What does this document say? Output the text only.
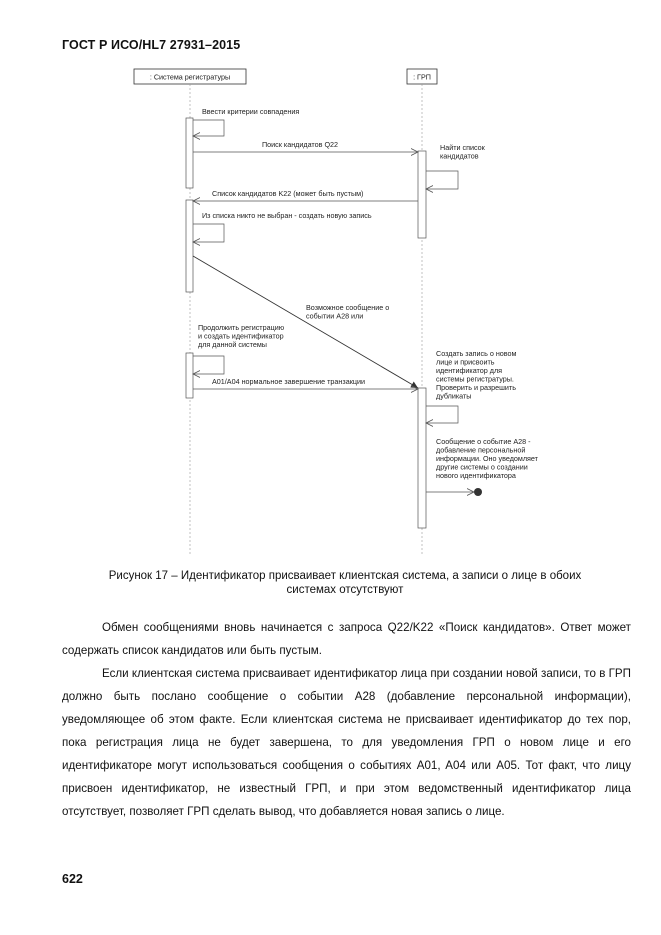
ГОСТ Р ИСО/HL7 27931–2015
: Система регистратуры	: ГРП
Ввести критерии совпадения
Поиск кандидатов Q22	Найти список кандидатов
Список кандидатов K22 (может быть пустым)
Из списка никто не выбран - создать новую запись
Возможное сообщение о событии A28 или
Продолжить регистрацию и создать идентификатор для данной системы
A01/A04 нормальное завершение транзакции
Создать запись о новом лице и присвоить идентификатор для системы регистратуры. Проверить и разрешить дубликаты
Сообщение о событие A28 - добавление персональной информации. Оно уведомляет другие системы о создании нового идентификатора
Рисунок 17 – Идентификатор присваивает клиентская система, а записи о лице в обоих
системах отсутствуют

Обмен сообщениями вновь начинается с запроса Q22/K22 «Поиск кандидатов». Ответ может содержать список кандидатов или быть пустым.

Если клиентская система присваивает идентификатор лица при создании новой записи, то в ГРП должно быть послано сообщение о событии A28 (добавление персональной информации), уведомляющее об этом факте. Если клиентская система не присваивает идентификатор до тех пор, пока регистрация лица не будет завершена, то для уведомления ГРП о новом лице и его идентификаторе могут использоваться сообщения о событиях A01, A04 или A05. Тот факт, что лицу присвоен идентификатор, не известный ГРП, и при этом ведомственный идентификатор лица отсутствует, позволяет ГРП сделать вывод, что добавляется новая запись о лице.

622
